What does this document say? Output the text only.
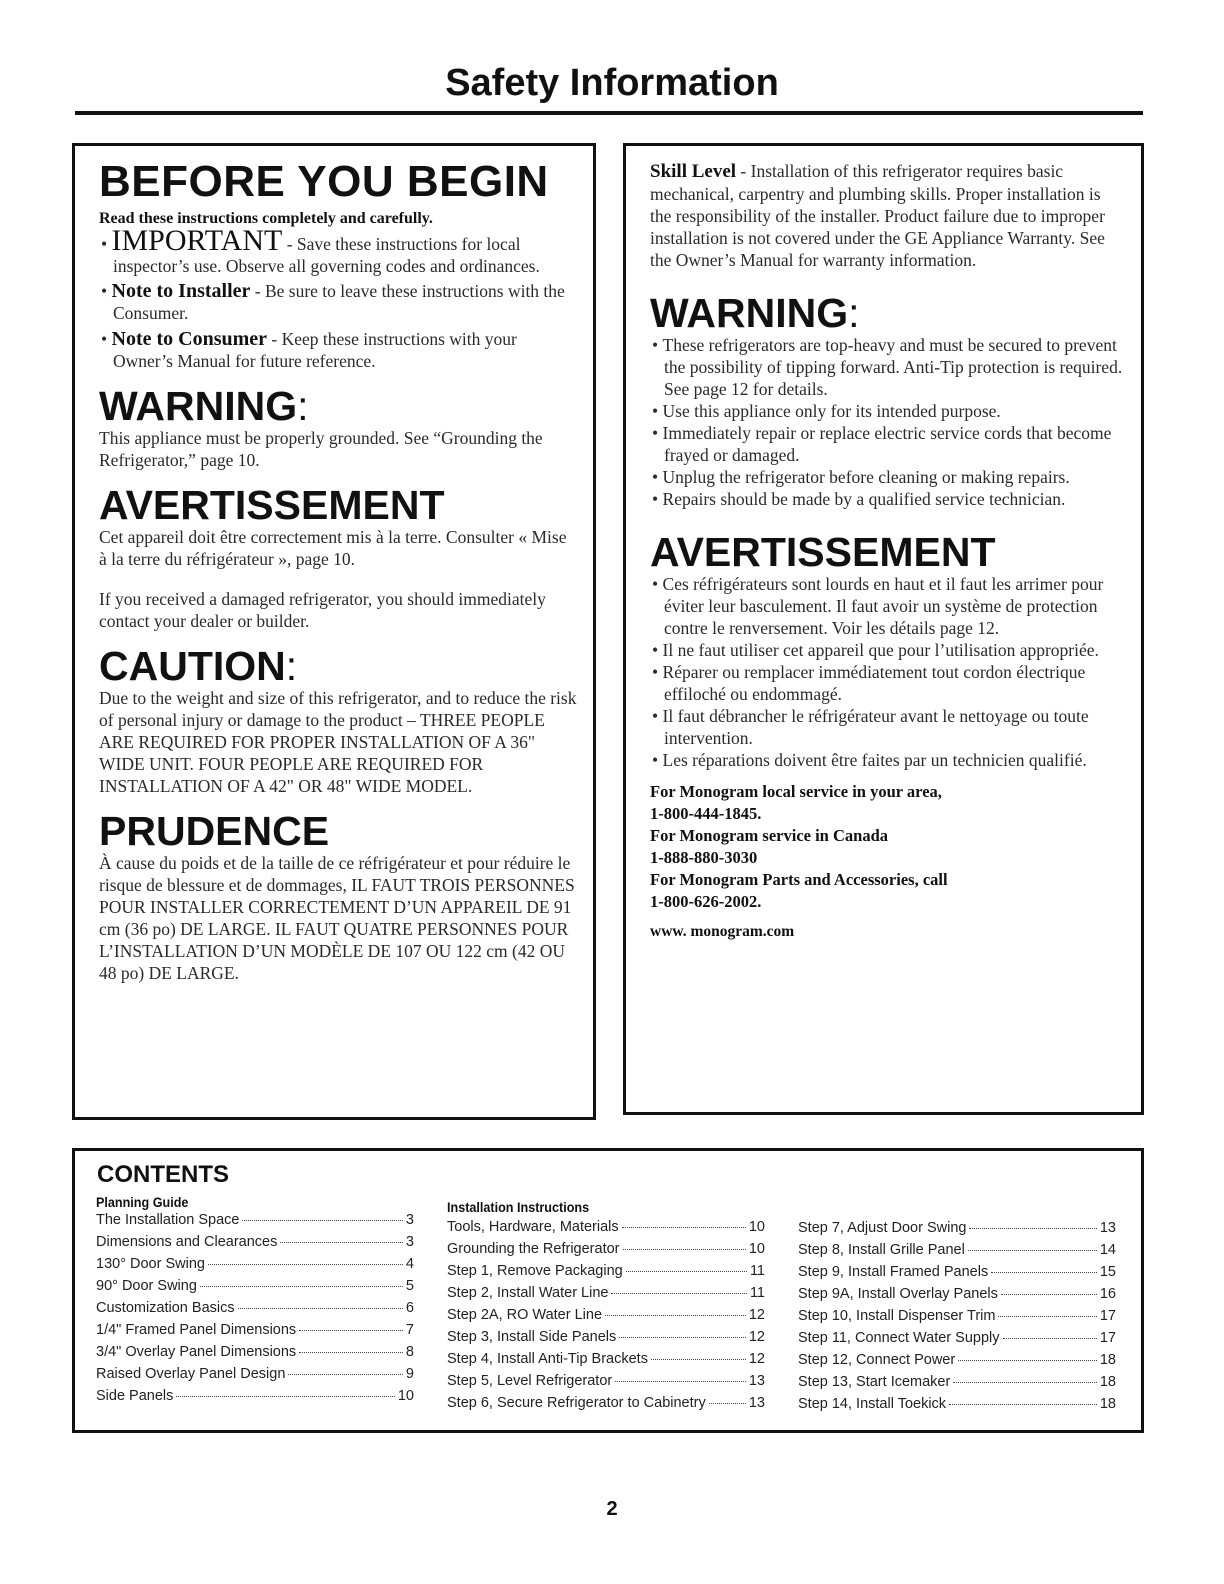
Safety Information
BEFORE YOU BEGIN

Read these instructions completely and carefully.

• IMPORTANT - Save these instructions for local inspector’s use. Observe all governing codes and ordinances.

• Note to Installer - Be sure to leave these instructions with the Consumer.

• Note to Consumer - Keep these instructions with your Owner’s Manual for future reference.

WARNING:

This appliance must be properly grounded. See “Grounding the Refrigerator,” page 10.

AVERTISSEMENT

Cet appareil doit être correctement mis à la terre. Consulter « Mise à la terre du réfrigérateur », page 10.

If you received a damaged refrigerator, you should immediately contact your dealer or builder.

CAUTION:

Due to the weight and size of this refrigerator, and to reduce the risk of personal injury or damage to the product – THREE PEOPLE ARE REQUIRED FOR PROPER INSTALLATION OF A 36" WIDE UNIT. FOUR PEOPLE ARE REQUIRED FOR INSTALLATION OF A 42" OR 48" WIDE MODEL.

PRUDENCE

À cause du poids et de la taille de ce réfrigérateur et pour réduire le risque de blessure et de dommages, IL FAUT TROIS PERSONNES POUR INSTALLER CORRECTEMENT D’UN APPAREIL DE 91 cm (36 po) DE LARGE. IL FAUT QUATRE PERSONNES POUR L’INSTALLATION D’UN MODÈLE DE 107 OU 122 cm (42 OU 48 po) DE LARGE.

Skill Level - Installation of this refrigerator requires basic mechanical, carpentry and plumbing skills. Proper installation is the responsibility of the installer. Product failure due to improper installation is not covered under the GE Appliance Warranty. See the Owner’s Manual for warranty information.

WARNING:

• These refrigerators are top-heavy and must be secured to prevent the possibility of tipping forward. Anti-Tip protection is required. See page 12 for details.

• Use this appliance only for its intended purpose.

• Immediately repair or replace electric service cords that become frayed or damaged.

• Unplug the refrigerator before cleaning or making repairs.

• Repairs should be made by a qualified service technician.

AVERTISSEMENT

• Ces réfrigérateurs sont lourds en haut et il faut les arrimer pour éviter leur basculement. Il faut avoir un système de protection contre le renversement. Voir les détails page 12.

• Il ne faut utiliser cet appareil que pour l’utilisation appropriée.

• Réparer ou remplacer immédiatement tout cordon électrique effiloché ou endommagé.

• Il faut débrancher le réfrigérateur avant le nettoyage ou toute intervention.

• Les réparations doivent être faites par un technicien qualifié.

For Monogram local service in your area,

1-800-444-1845.

For Monogram service in Canada

1-888-880-3030

For Monogram Parts and Accessories, call

1-800-626-2002.

www. monogram.com

CONTENTS
Planning Guide
The Installation Space	3
Dimensions and Clearances	3
130° Door Swing	4
90° Door Swing	5
Customization Basics	6
1/4" Framed Panel Dimensions	7
3/4" Overlay Panel Dimensions	8
Raised Overlay Panel Design	9
Side Panels	10
Installation Instructions
Tools, Hardware, Materials	10
Grounding the Refrigerator	10
Step 1, Remove Packaging	11
Step 2, Install Water Line	11
Step 2A, RO Water Line	12
Step 3, Install Side Panels	12
Step 4, Install Anti-Tip Brackets	12
Step 5, Level Refrigerator	13
Step 6, Secure Refrigerator to Cabinetry	13
Step 7, Adjust Door Swing	13
Step 8, Install Grille Panel	14
Step 9, Install Framed Panels	15
Step 9A, Install Overlay Panels	16
Step 10, Install Dispenser Trim	17
Step 11, Connect Water Supply	17
Step 12, Connect Power	18
Step 13, Start Icemaker	18
Step 14, Install Toekick	18
2
